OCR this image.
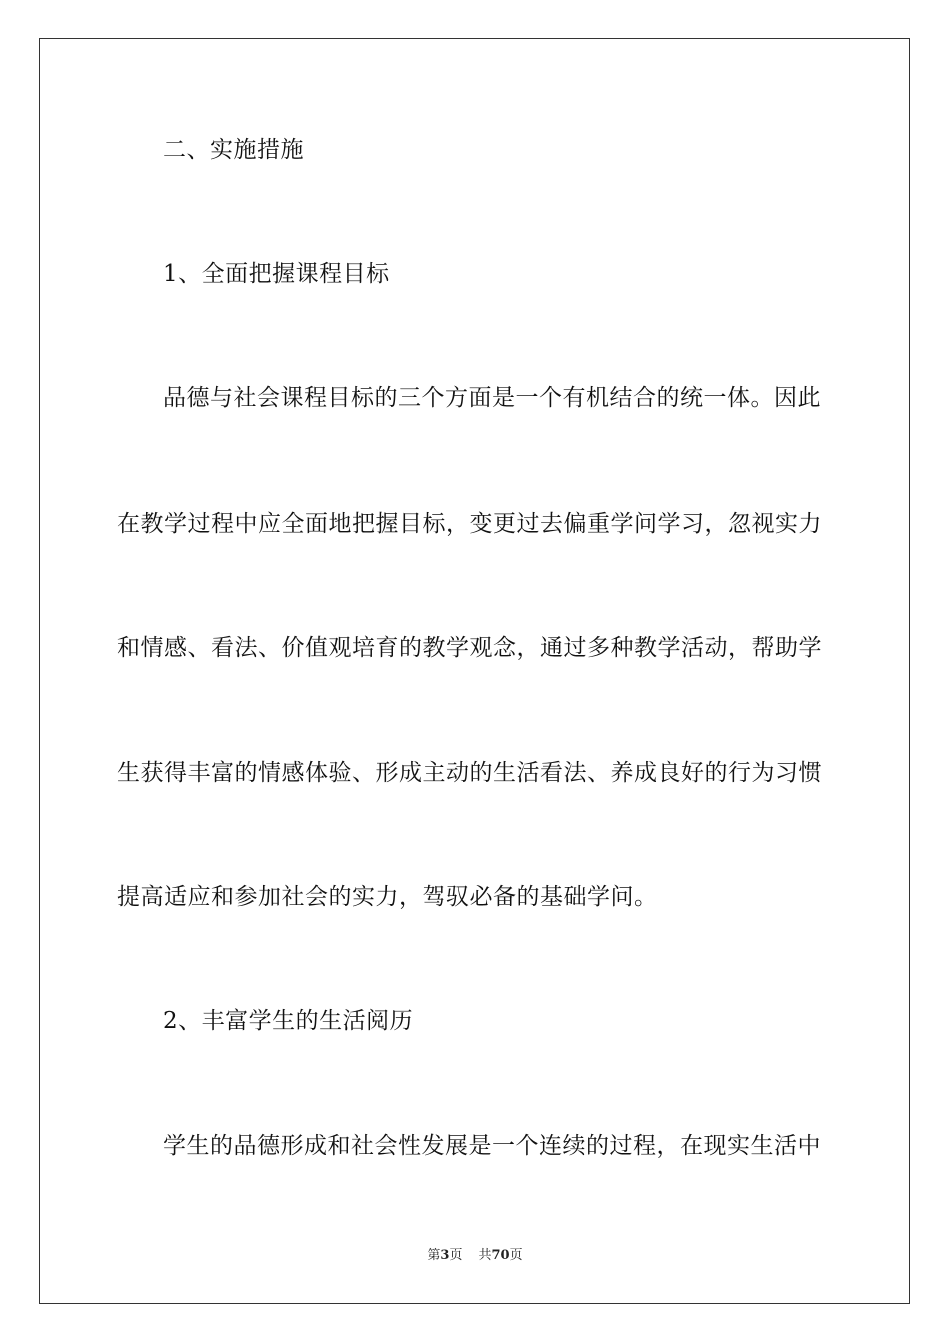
二、实施措施
1、全面把握课程目标
品德与社会课程目标的三个方面是一个有机结合的统一体。因此
在教学过程中应全面地把握目标，变更过去偏重学问学习，忽视实力
和情感、看法、价值观培育的教学观念，通过多种教学活动，帮助学
生获得丰富的情感体验、形成主动的生活看法、养成良好的行为习惯
提高适应和参加社会的实力，驾驭必备的基础学问。
2、丰富学生的生活阅历
学生的品德形成和社会性发展是一个连续的过程，在现实生活中
第3页 共70页
